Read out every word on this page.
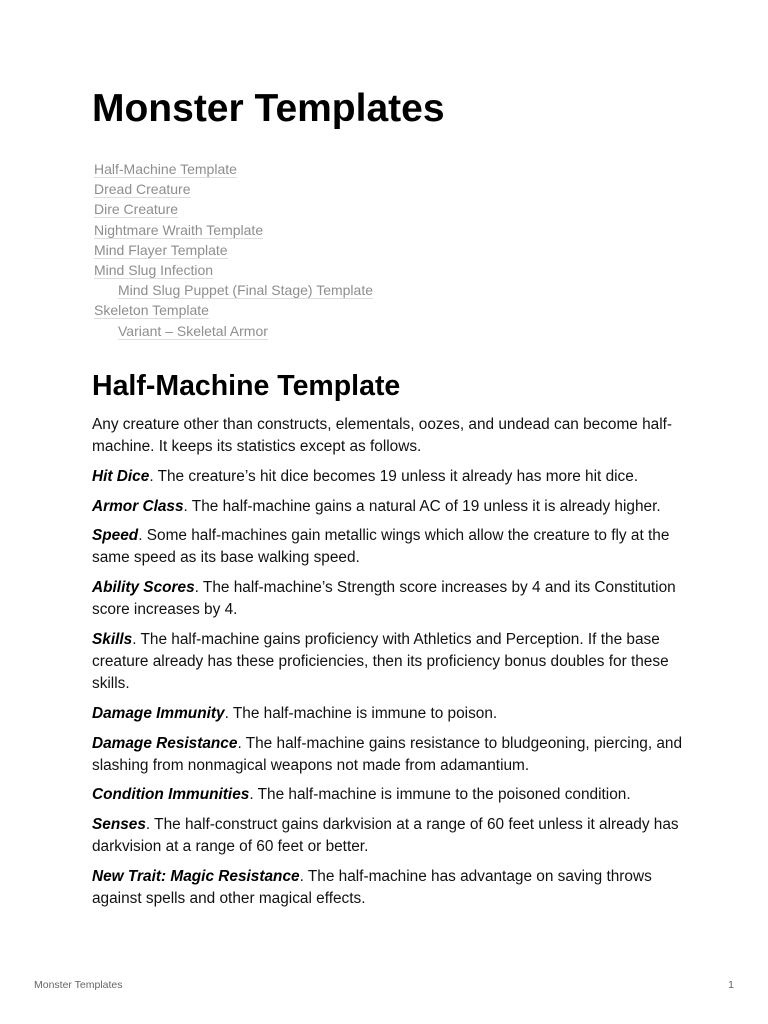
Monster Templates
Half-Machine Template
Dread Creature
Dire Creature
Nightmare Wraith Template
Mind Flayer Template
Mind Slug Infection
Mind Slug Puppet (Final Stage) Template
Skeleton Template
Variant – Skeletal Armor
Half-Machine Template

Any creature other than constructs, elementals, oozes, and undead can become half-machine. It keeps its statistics except as follows.

Hit Dice. The creature’s hit dice becomes 19 unless it already has more hit dice.

Armor Class. The half-machine gains a natural AC of 19 unless it is already higher.

Speed. Some half-machines gain metallic wings which allow the creature to fly at the same speed as its base walking speed.

Ability Scores. The half-machine’s Strength score increases by 4 and its Constitution score increases by 4.

Skills. The half-machine gains proficiency with Athletics and Perception. If the base creature already has these proficiencies, then its proficiency bonus doubles for these skills.

Damage Immunity. The half-machine is immune to poison.

Damage Resistance. The half-machine gains resistance to bludgeoning, piercing, and slashing from nonmagical weapons not made from adamantium.

Condition Immunities. The half-machine is immune to the poisoned condition.

Senses. The half-construct gains darkvision at a range of 60 feet unless it already has darkvision at a range of 60 feet or better.

New Trait: Magic Resistance. The half-machine has advantage on saving throws against spells and other magical effects.

Monster Templates	1
